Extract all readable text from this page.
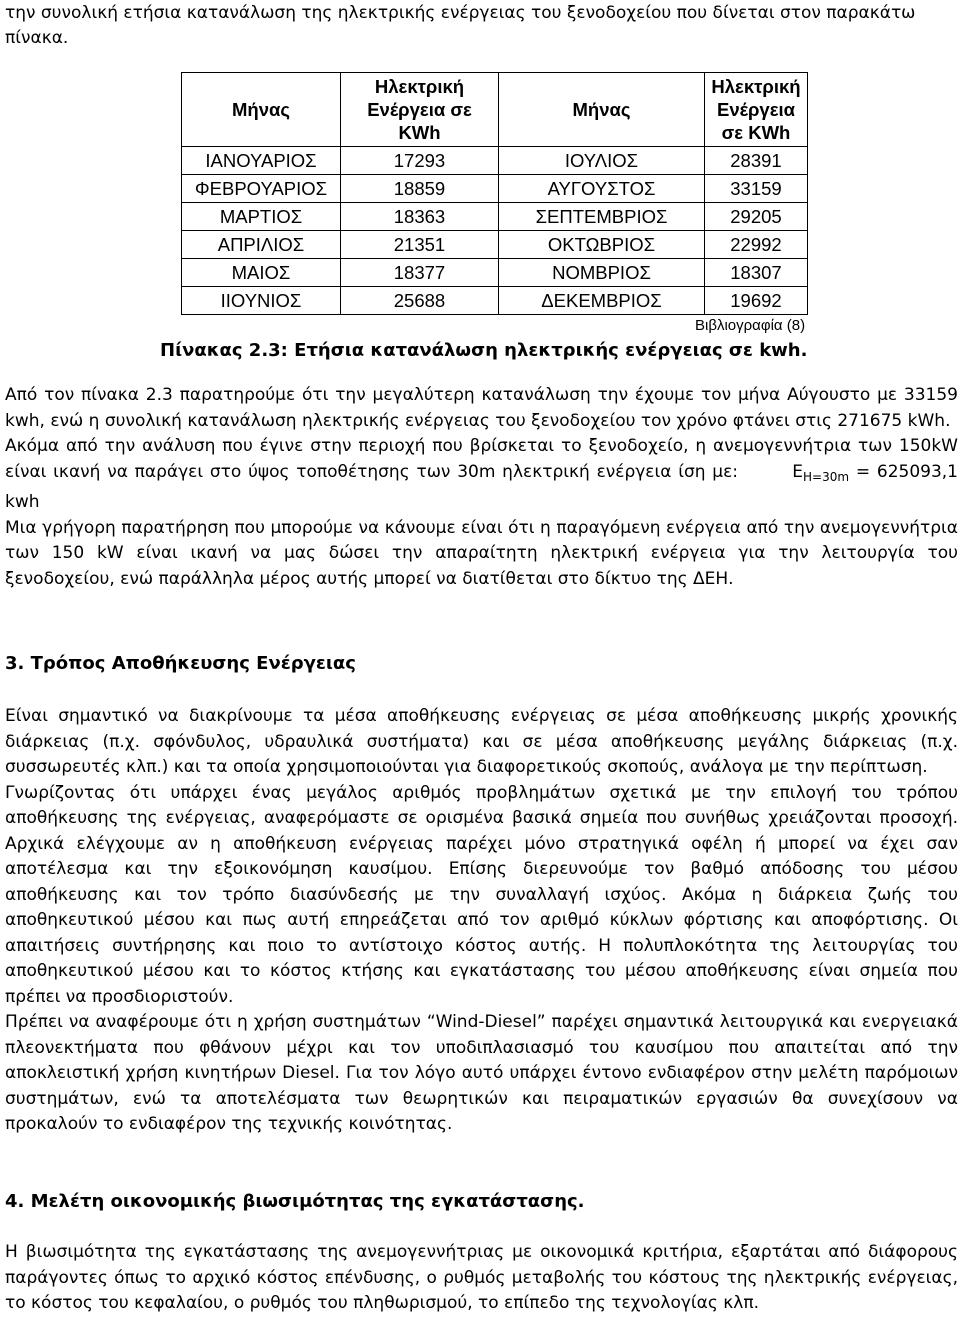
την συνολική ετήσια κατανάλωση της ηλεκτρικής ενέργειας του ξενοδοχείου που δίνεται στον παρακάτω πίνακα.

Μήνας	Ηλεκτρική Ενέργεια σε KWh	Μήνας	Ηλεκτρική Ενέργεια σε KWh

ΙΑΝΟΥΑΡΙΟΣ	17293	ΙΟΥΛΙΟΣ	28391
ΦΕΒΡΟΥΑΡΙΟΣ	18859	ΑΥΓΟΥΣΤΟΣ	33159
ΜΑΡΤΙΟΣ	18363	ΣΕΠΤΕΜΒΡΙΟΣ	29205
ΑΠΡΙΛΙΟΣ	21351	ΟΚΤΩΒΡΙΟΣ	22992
ΜΑΙΟΣ	18377	ΝΟΜΒΡΙΟΣ	18307
ΙΙΟΥΝΙΟΣ	25688	ΔΕΚΕΜΒΡΙΟΣ	19692
Βιβλιογραφία (8)

Πίνακας 2.3: Ετήσια κατανάλωση ηλεκτρικής ενέργειας σε kwh.

Από τον πίνακα 2.3 παρατηρούμε ότι την μεγαλύτερη κατανάλωση την έχουμε τον μήνα Αύγουστο με 33159 kwh, ενώ η συνολική κατανάλωση ηλεκτρικής ενέργειας του ξενοδοχείου τον χρόνο φτάνει στις 271675 kWh.

Ακόμα από την ανάλυση που έγινε στην περιοχή που βρίσκεται το ξενοδοχείο, η ανεμογεννήτρια των 150kW είναι ικανή να παράγει στο ύψος τοποθέτησης των 30m ηλεκτρική ενέργεια ίση με:	$E_{H=30m} = 625093,1$ kwh

Μια γρήγορη παρατήρηση που μπορούμε να κάνουμε είναι ότι η παραγόμενη ενέργεια από την ανεμογεννήτρια των 150 kW είναι ικανή να μας δώσει την απαραίτητη ηλεκτρική ενέργεια για την λειτουργία του ξενοδοχείου, ενώ παράλληλα μέρος αυτής μπορεί να διατίθεται στο δίκτυο της ΔΕΗ.

3. Τρόπος Αποθήκευσης Ενέργειας

Είναι σημαντικό να διακρίνουμε τα μέσα αποθήκευσης ενέργειας σε μέσα αποθήκευσης μικρής χρονικής διάρκειας (π.χ. σφόνδυλος, υδραυλικά συστήματα) και σε μέσα αποθήκευσης μεγάλης διάρκειας (π.χ. συσσωρευτές κλπ.) και τα οποία χρησιμοποιούνται για διαφορετικούς σκοπούς, ανάλογα με την περίπτωση.

Γνωρίζοντας ότι υπάρχει ένας μεγάλος αριθμός προβλημάτων σχετικά με την επιλογή του τρόπου αποθήκευσης της ενέργειας, αναφερόμαστε σε ορισμένα βασικά σημεία που συνήθως χρειάζονται προσοχή. Αρχικά ελέγχουμε αν η αποθήκευση ενέργειας παρέχει μόνο στρατηγικά οφέλη ή μπορεί να έχει σαν αποτέλεσμα και την εξοικονόμηση καυσίμου. Επίσης διερευνούμε τον βαθμό απόδοσης του μέσου αποθήκευσης και τον τρόπο διασύνδεσής με την συναλλαγή ισχύος. Ακόμα η διάρκεια ζωής του αποθηκευτικού μέσου και πως αυτή επηρεάζεται από τον αριθμό κύκλων φόρτισης και αποφόρτισης. Οι απαιτήσεις συντήρησης και ποιο το αντίστοιχο κόστος αυτής. Η πολυπλοκότητα της λειτουργίας του αποθηκευτικού μέσου και το κόστος κτήσης και εγκατάστασης του μέσου αποθήκευσης είναι σημεία που πρέπει να προσδιοριστούν.

Πρέπει να αναφέρουμε ότι η χρήση συστημάτων “Wind-Diesel” παρέχει σημαντικά λειτουργικά και ενεργειακά πλεονεκτήματα που φθάνουν μέχρι και τον υποδιπλασιασμό του καυσίμου που απαιτείται από την αποκλειστική χρήση κινητήρων Diesel. Για τον λόγο αυτό υπάρχει έντονο ενδιαφέρον στην μελέτη παρόμοιων συστημάτων, ενώ τα αποτελέσματα των θεωρητικών και πειραματικών εργασιών θα συνεχίσουν να προκαλούν το ενδιαφέρον της τεχνικής κοινότητας.

4. Μελέτη οικονομικής βιωσιμότητας της εγκατάστασης.

Η βιωσιμότητα της εγκατάστασης της ανεμογεννήτριας με οικονομικά κριτήρια, εξαρτάται από διάφορους παράγοντες όπως το αρχικό κόστος επένδυσης, ο ρυθμός μεταβολής του κόστους της ηλεκτρικής ενέργειας, το κόστος του κεφαλαίου, ο ρυθμός του πληθωρισμού, το επίπεδο της τεχνολογίας κλπ.
